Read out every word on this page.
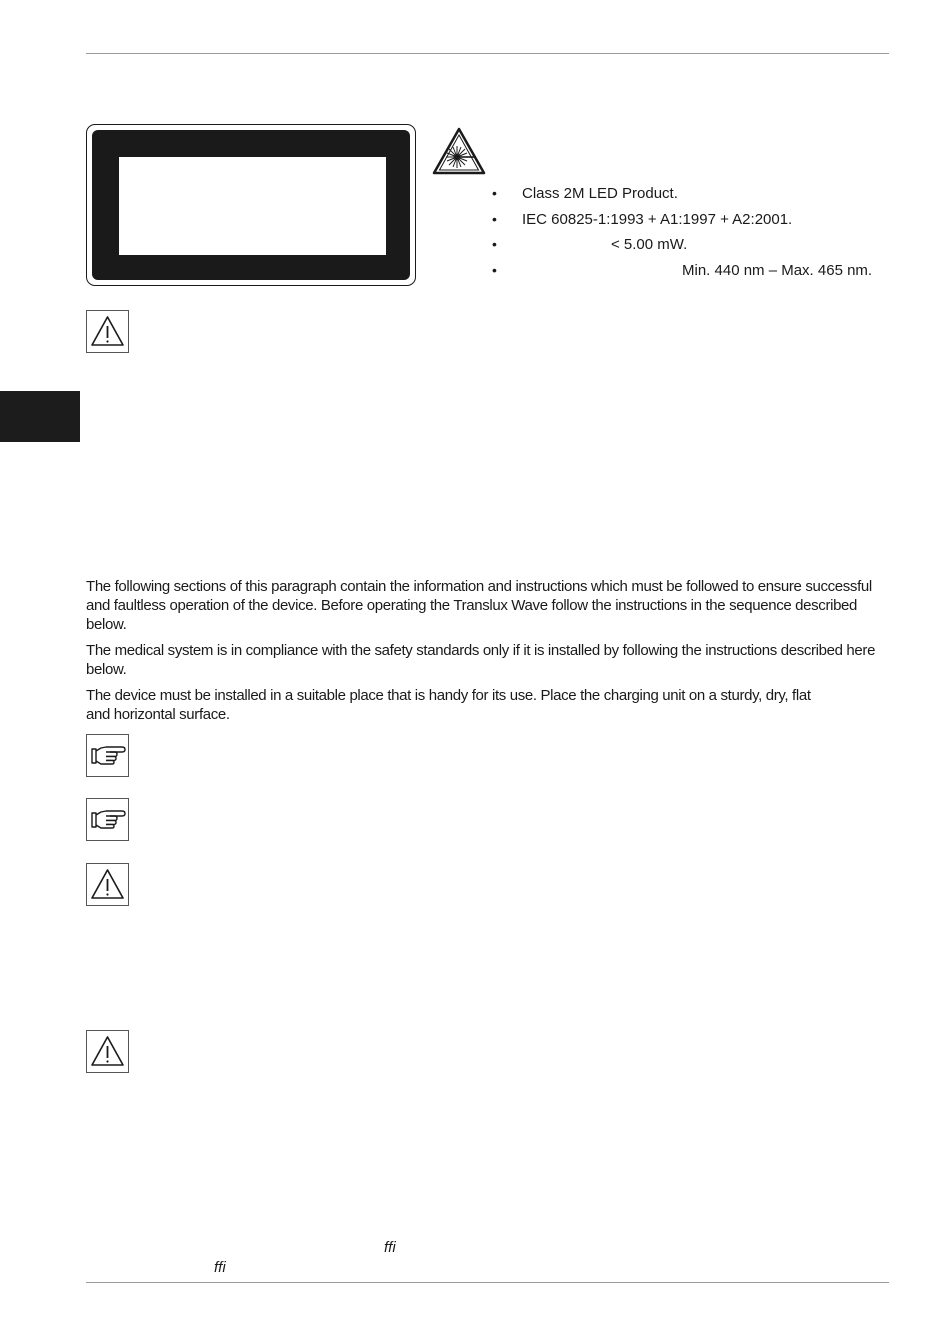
• Class 2M LED Product.
• IEC 60825-1:1993 + A1:1997 + A2:2001.
•	< 5.00 mW.
•	Min. 440 nm – Max. 465 nm.

The following sections of this paragraph contain the information and instructions which must be followed to ensure successful and faultless operation of the device. Before operating the Translux Wave follow the instructions in the sequence described below.

The medical system is in compliance with the safety standards only if it is installed by following the instructions described here below.

The device must be installed in a suitable place that is handy for its use. Place the charging unit on a sturdy, dry, flat and horizontal surface.

ffi
ffi
